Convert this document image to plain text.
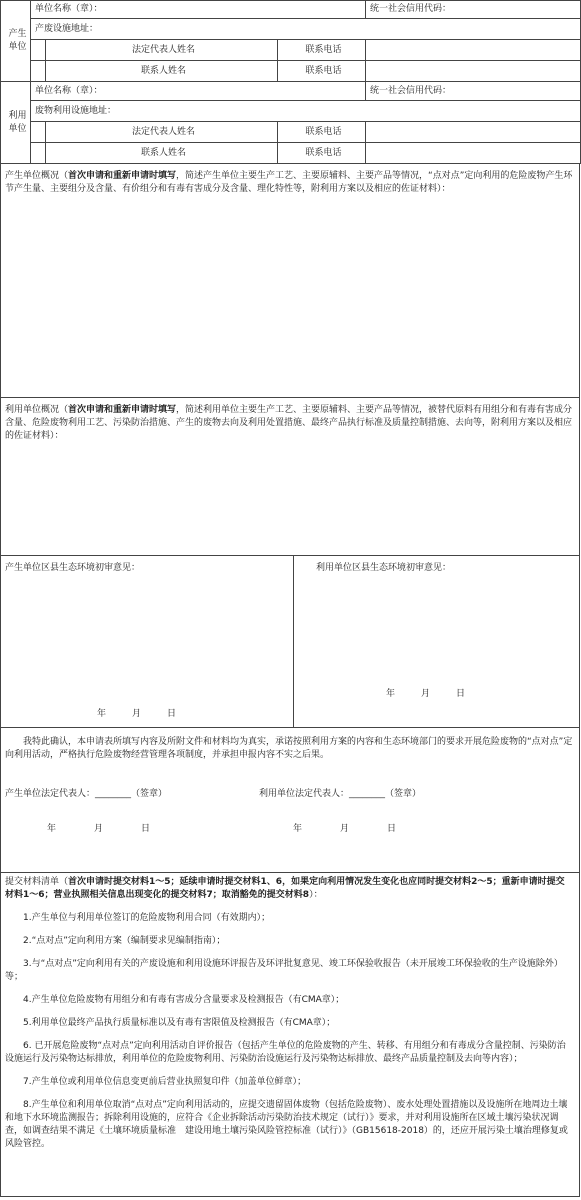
产生
单位	单位名称（章）：			统一社会信用代码：
	产废设施地址：			
		法定代表人姓名	联系电话	
		联系人姓名	联系电话	
利用
单位	单位名称（章）：			统一社会信用代码：
	废物利用设施地址：			
		法定代表人姓名	联系电话	
		联系人姓名	联系电话	
产生单位概况（首次申请和重新申请时填写，简述产生单位主要生产工艺、主要原辅料、主要产品等情况，“点对点”定向利用的危险废物产生环节产生量、主要组分及含量、有价组分和有毒有害成分及含量、理化特性等，附利用方案以及相应的佐证材料）：
利用单位概况（首次申请和重新申请时填写，简述利用单位主要生产工艺、主要原辅料、主要产品等情况，被替代原料有用组分和有毒有害成分含量、危险废物利用工艺、污染防治措施、产生的废物去向及利用处置措施、最终产品执行标准及质量控制措施、去向等，附利用方案以及相应的佐证材料）：
产生单位区县生态环境初审意见：
年	月	日
利用单位区县生态环境初审意见：
年	月	日
我特此确认，本申请表所填写内容及所附文件和材料均为真实，承诺按照利用方案的内容和生态环境部门的要求开展危险废物的“点对点”定向利用活动，严格执行危险废物经营管理各项制度，并承担申报内容不实之后果。
产生单位法定代表人：________（签章）	利用单位法定代表人：________（签章）
年	月	日	年	月	日

提交材料清单（首次申请时提交材料1～5；延续申请时提交材料1、6，如果定向利用情况发生变化也应同时提交材料2～5；重新申请时提交材料1～6；营业执照相关信息出现变化的提交材料7；取消豁免的提交材料8）：

1.产生单位与利用单位签订的危险废物利用合同（有效期内）；

2.“点对点”定向利用方案（编制要求见编制指南）；

3.与“点对点”定向利用有关的产废设施和利用设施环评报告及环评批复意见、竣工环保验收报告（未开展竣工环保验收的生产设施除外）等；

4.产生单位危险废物有用组分和有毒有害成分含量要求及检测报告（有CMA章）；

5.利用单位最终产品执行质量标准以及有毒有害限值及检测报告（有CMA章）；

6. 已开展危险废物“点对点”定向利用活动自评价报告（包括产生单位的危险废物的产生、转移、有用组分和有毒成分含量控制、污染防治设施运行及污染物达标排放，利用单位的危险废物利用、污染防治设施运行及污染物达标排放、最终产品质量控制及去向等内容）；

7.产生单位或利用单位信息变更前后营业执照复印件（加盖单位鲜章）；

8.产生单位和利用单位取消“点对点”定向利用活动的，应提交遗留固体废物（包括危险废物）、废水处理处置措施以及设施所在地周边土壤和地下水环境监测报告；拆除利用设施的，应符合《企业拆除活动污染防治技术规定（试行）》要求，并对利用设施所在区域土壤污染状况调查，如调查结果不满足《土壤环境质量标准　建设用地土壤污染风险管控标准（试行）》（GB15618-2018）的，还应开展污染土壤治理修复或风险管控。
